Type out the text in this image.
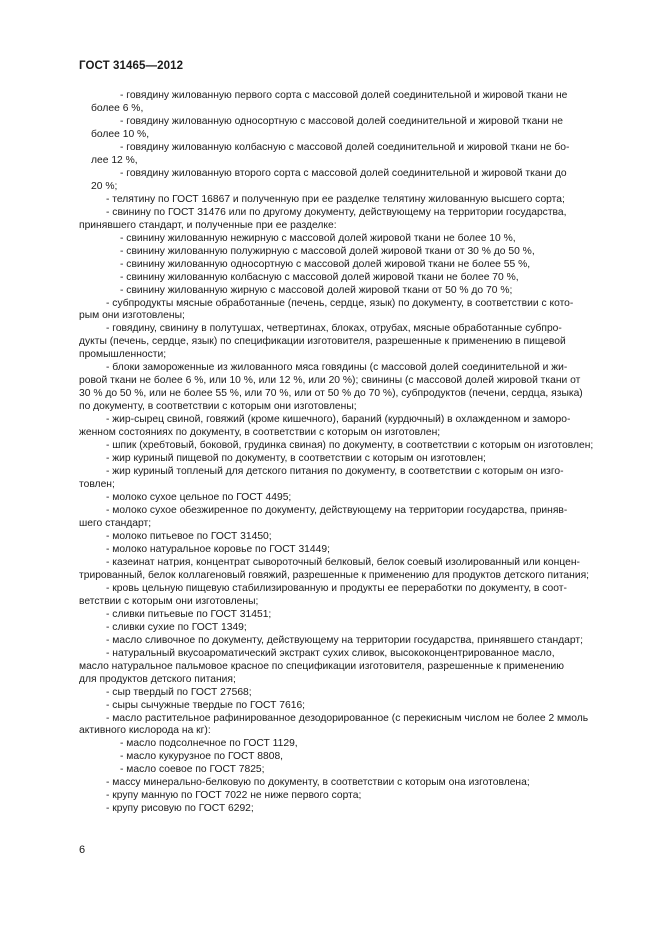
ГОСТ 31465—2012
- говядину жилованную первого сорта с массовой долей соединительной и жировой ткани не
более 6 %,
- говядину жилованную односортную с массовой долей соединительной и жировой ткани не
более 10 %,
- говядину жилованную колбасную с массовой долей соединительной и жировой ткани не бо-
лее 12 %,
- говядину жилованную второго сорта с массовой долей соединительной и жировой ткани до
20 %;
- телятину по ГОСТ 16867 и полученную при ее разделке телятину жилованную высшего сорта;
- свинину по ГОСТ 31476 или по другому документу, действующему на территории государства,
принявшего стандарт, и полученные при ее разделке:
- свинину жилованную нежирную с массовой долей жировой ткани не более 10 %,
- свинину жилованную полужирную с массовой долей жировой ткани от 30 % до 50 %,
- свинину жилованную односортную с массовой долей жировой ткани не более 55 %,
- свинину жилованную колбасную с массовой долей жировой ткани не более 70 %,
- свинину жилованную жирную с массовой долей жировой ткани от 50 % до 70 %;
- субпродукты мясные обработанные (печень, сердце, язык) по документу, в соответствии с кото-
рым они изготовлены;
- говядину, свинину в полутушах, четвертинах, блоках, отрубах, мясные обработанные субпро-
дукты (печень, сердце, язык) по спецификации изготовителя, разрешенные к применению в пищевой
промышленности;
- блоки замороженные из жилованного мяса говядины (с массовой долей соединительной и жи-
ровой ткани не более 6 %, или 10 %, или 12 %, или 20 %); свинины (с массовой долей жировой ткани от
30 % до 50 %, или не более 55 %, или 70 %, или от 50 % до 70 %), субпродуктов (печени, сердца, языка)
по документу, в соответствии с которым они изготовлены;
- жир-сырец свиной, говяжий (кроме кишечного), бараний (курдючный) в охлажденном и заморо-
женном состояниях по документу, в соответствии с которым он изготовлен;
- шпик (хребтовый, боковой, грудинка свиная) по документу, в соответствии с которым он изготовлен;
- жир куриный пищевой по документу, в соответствии с которым он изготовлен;
- жир куриный топленый для детского питания по документу, в соответствии с которым он изго-
товлен;
- молоко сухое цельное по ГОСТ 4495;
- молоко сухое обезжиренное по документу, действующему на территории государства, приняв-
шего стандарт;
- молоко питьевое по ГОСТ 31450;
- молоко натуральное коровье по ГОСТ 31449;
- казеинат натрия, концентрат сывороточный белковый, белок соевый изолированный или концен-
трированный, белок коллагеновый говяжий, разрешенные к применению для продуктов детского питания;
- кровь цельную пищевую стабилизированную и продукты ее переработки по документу, в соот-
ветствии с которым они изготовлены;
- сливки питьевые по ГОСТ 31451;
- сливки сухие по ГОСТ 1349;
- масло сливочное по документу, действующему на территории государства, принявшего стандарт;
- натуральный вкусоароматический экстракт сухих сливок, высококонцентрированное масло,
масло натуральное пальмовое красное по спецификации изготовителя, разрешенные к применению
для продуктов детского питания;
- сыр твердый по ГОСТ 27568;
- сыры сычужные твердые по ГОСТ 7616;
- масло растительное рафинированное дезодорированное (с перекисным числом не более 2 ммоль
активного кислорода на кг):
- масло подсолнечное по ГОСТ 1129,
- масло кукурузное по ГОСТ 8808,
- масло соевое по ГОСТ 7825;
- массу минерально-белковую по документу, в соответствии с которым она изготовлена;
- крупу манную по ГОСТ 7022 не ниже первого сорта;
- крупу рисовую по ГОСТ 6292;
6
